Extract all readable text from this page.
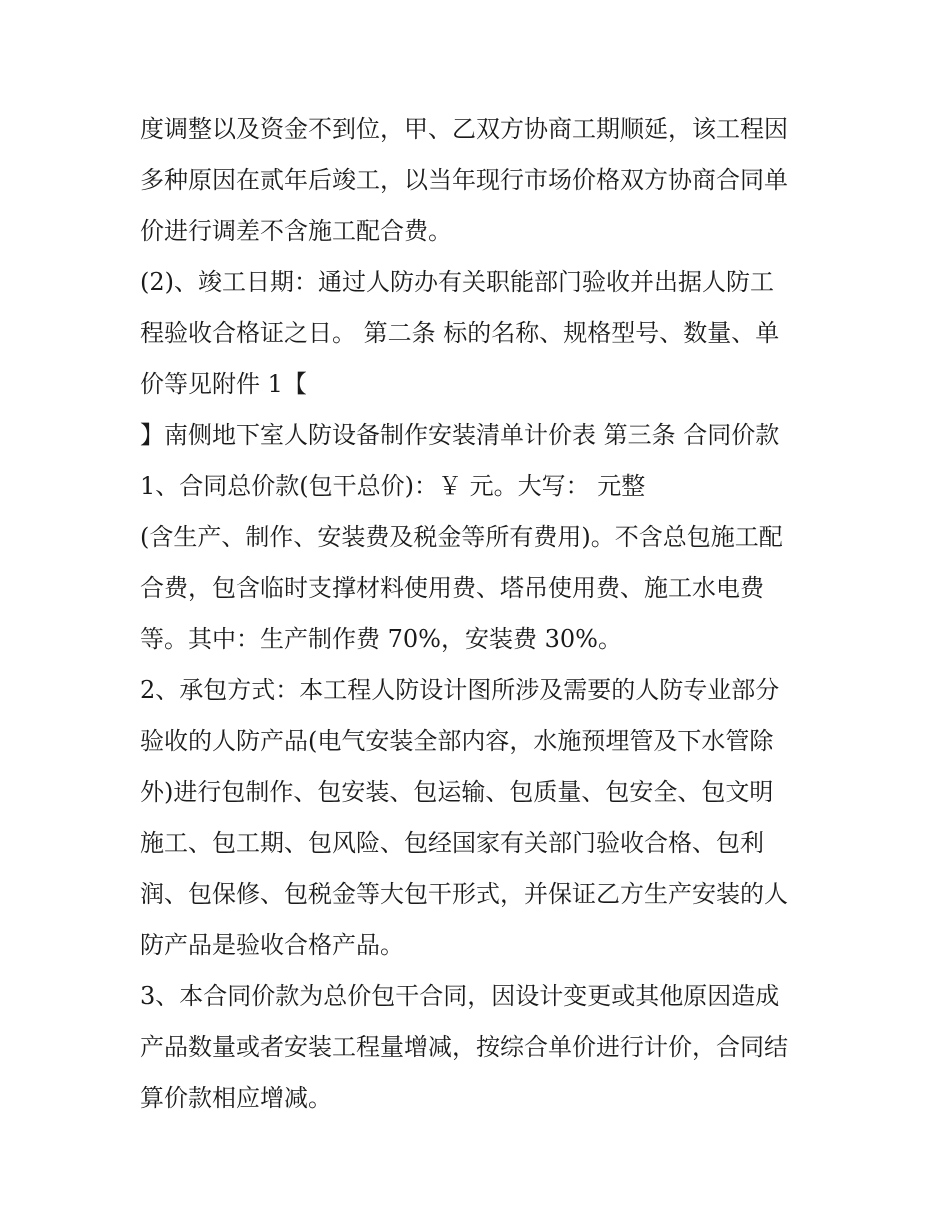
度调整以及资金不到位，甲、乙双方协商工期顺延，该工程因
多种原因在贰年后竣工，以当年现行市场价格双方协商合同单
价进行调差不含施工配合费。
(2)、竣工日期：通过人防办有关职能部门验收并出据人防工
程验收合格证之日。 第二条 标的名称、规格型号、数量、单
价等见附件 1【
】南侧地下室人防设备制作安装清单计价表 第三条 合同价款
1、合同总价款(包干总价)：￥ 元。大写： 元整
(含生产、制作、安装费及税金等所有费用)。不含总包施工配
合费，包含临时支撑材料使用费、塔吊使用费、施工水电费
等。其中：生产制作费 70%，安装费 30%。
2、承包方式：本工程人防设计图所涉及需要的人防专业部分
验收的人防产品(电气安装全部内容，水施预埋管及下水管除
外)进行包制作、包安装、包运输、包质量、包安全、包文明
施工、包工期、包风险、包经国家有关部门验收合格、包利
润、包保修、包税金等大包干形式，并保证乙方生产安装的人
防产品是验收合格产品。
3、本合同价款为总价包干合同，因设计变更或其他原因造成
产品数量或者安装工程量增减，按综合单价进行计价，合同结
算价款相应增减。
